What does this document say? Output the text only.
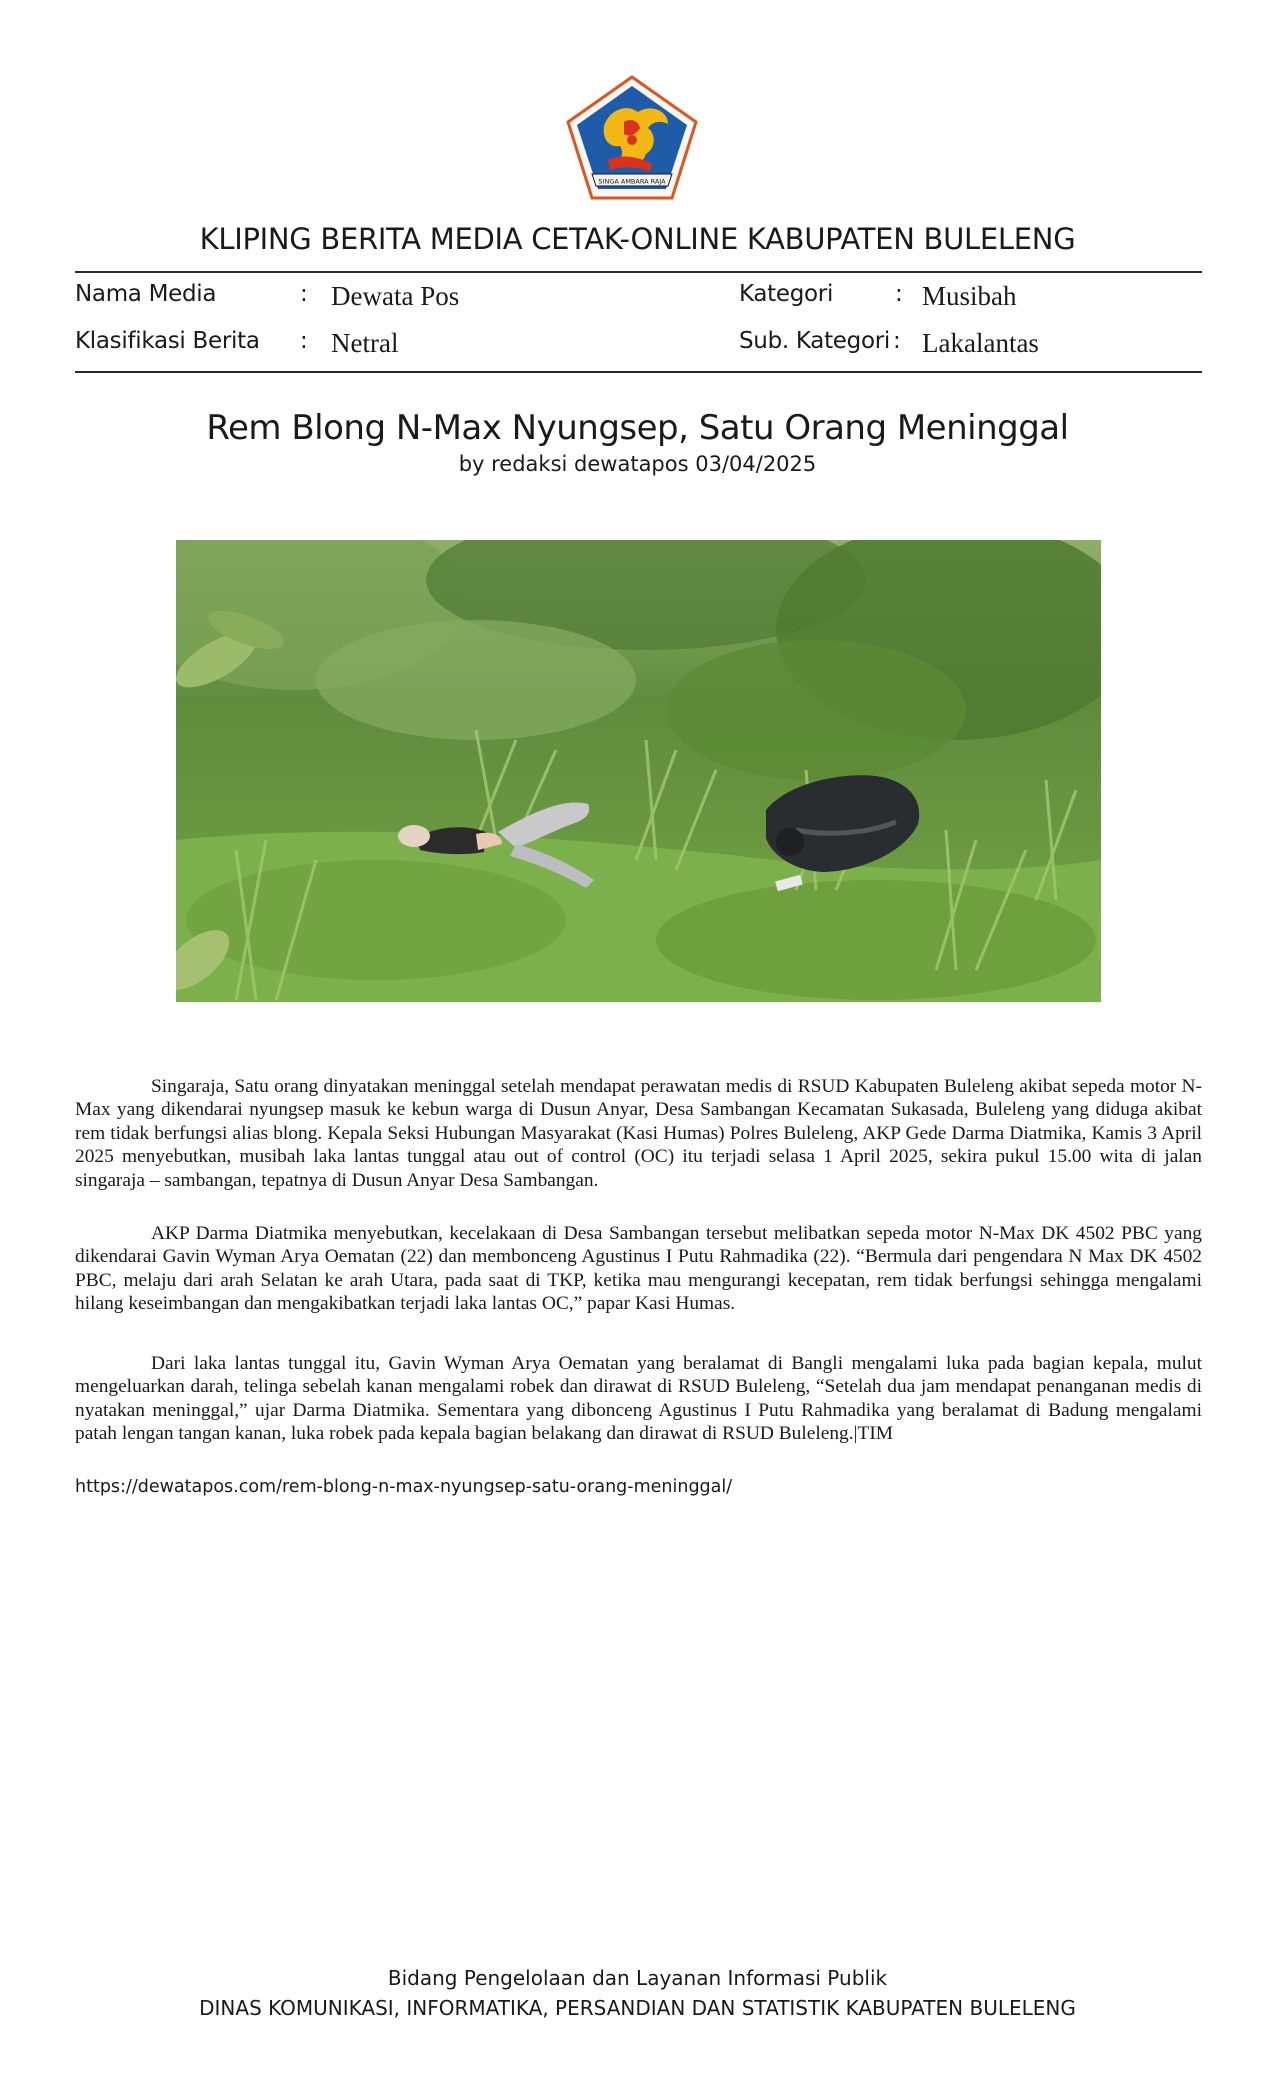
SINGA AMBARA RAJA
KLIPING BERITA MEDIA CETAK-ONLINE KABUPATEN BULELENG
Nama Media	: Dewata Pos
Klasifikasi Berita : Netral
Kategori	: Musibah
Sub. Kategori : Lakalantas
Rem Blong N-Max Nyungsep, Satu Orang Meninggal
by redaksi dewatapos 03/04/2025

Singaraja, Satu orang dinyatakan meninggal setelah mendapat perawatan medis di RSUD Kabupaten Buleleng akibat sepeda motor N-Max yang dikendarai nyungsep masuk ke kebun warga di Dusun Anyar, Desa Sambangan Kecamatan Sukasada, Buleleng yang diduga akibat rem tidak berfungsi alias blong. Kepala Seksi Hubungan Masyarakat (Kasi Humas) Polres Buleleng, AKP Gede Darma Diatmika, Kamis 3 April 2025 menyebutkan, musibah laka lantas tunggal atau out of control (OC) itu terjadi selasa 1 April 2025, sekira pukul 15.00 wita di jalan singaraja – sambangan, tepatnya di Dusun Anyar Desa Sambangan.

AKP Darma Diatmika menyebutkan, kecelakaan di Desa Sambangan tersebut melibatkan sepeda motor N-Max DK 4502 PBC yang dikendarai Gavin Wyman Arya Oematan (22) dan membonceng Agustinus I Putu Rahmadika (22). “Bermula dari pengendara N Max DK 4502 PBC, melaju dari arah Selatan ke arah Utara, pada saat di TKP, ketika mau mengurangi kecepatan, rem tidak berfungsi sehingga mengalami hilang keseimbangan dan mengakibatkan terjadi laka lantas OC,” papar Kasi Humas.

Dari laka lantas tunggal itu, Gavin Wyman Arya Oematan yang beralamat di Bangli mengalami luka pada bagian kepala, mulut mengeluarkan darah, telinga sebelah kanan mengalami robek dan dirawat di RSUD Buleleng, “Setelah dua jam mendapat penanganan medis di nyatakan meninggal,” ujar Darma Diatmika. Sementara yang dibonceng Agustinus I Putu Rahmadika yang beralamat di Badung mengalami patah lengan tangan kanan, luka robek pada kepala bagian belakang dan dirawat di RSUD Buleleng.|TIM

https://dewatapos.com/rem-blong-n-max-nyungsep-satu-orang-meninggal/
Bidang Pengelolaan dan Layanan Informasi Publik
DINAS KOMUNIKASI, INFORMATIKA, PERSANDIAN DAN STATISTIK KABUPATEN BULELENG
